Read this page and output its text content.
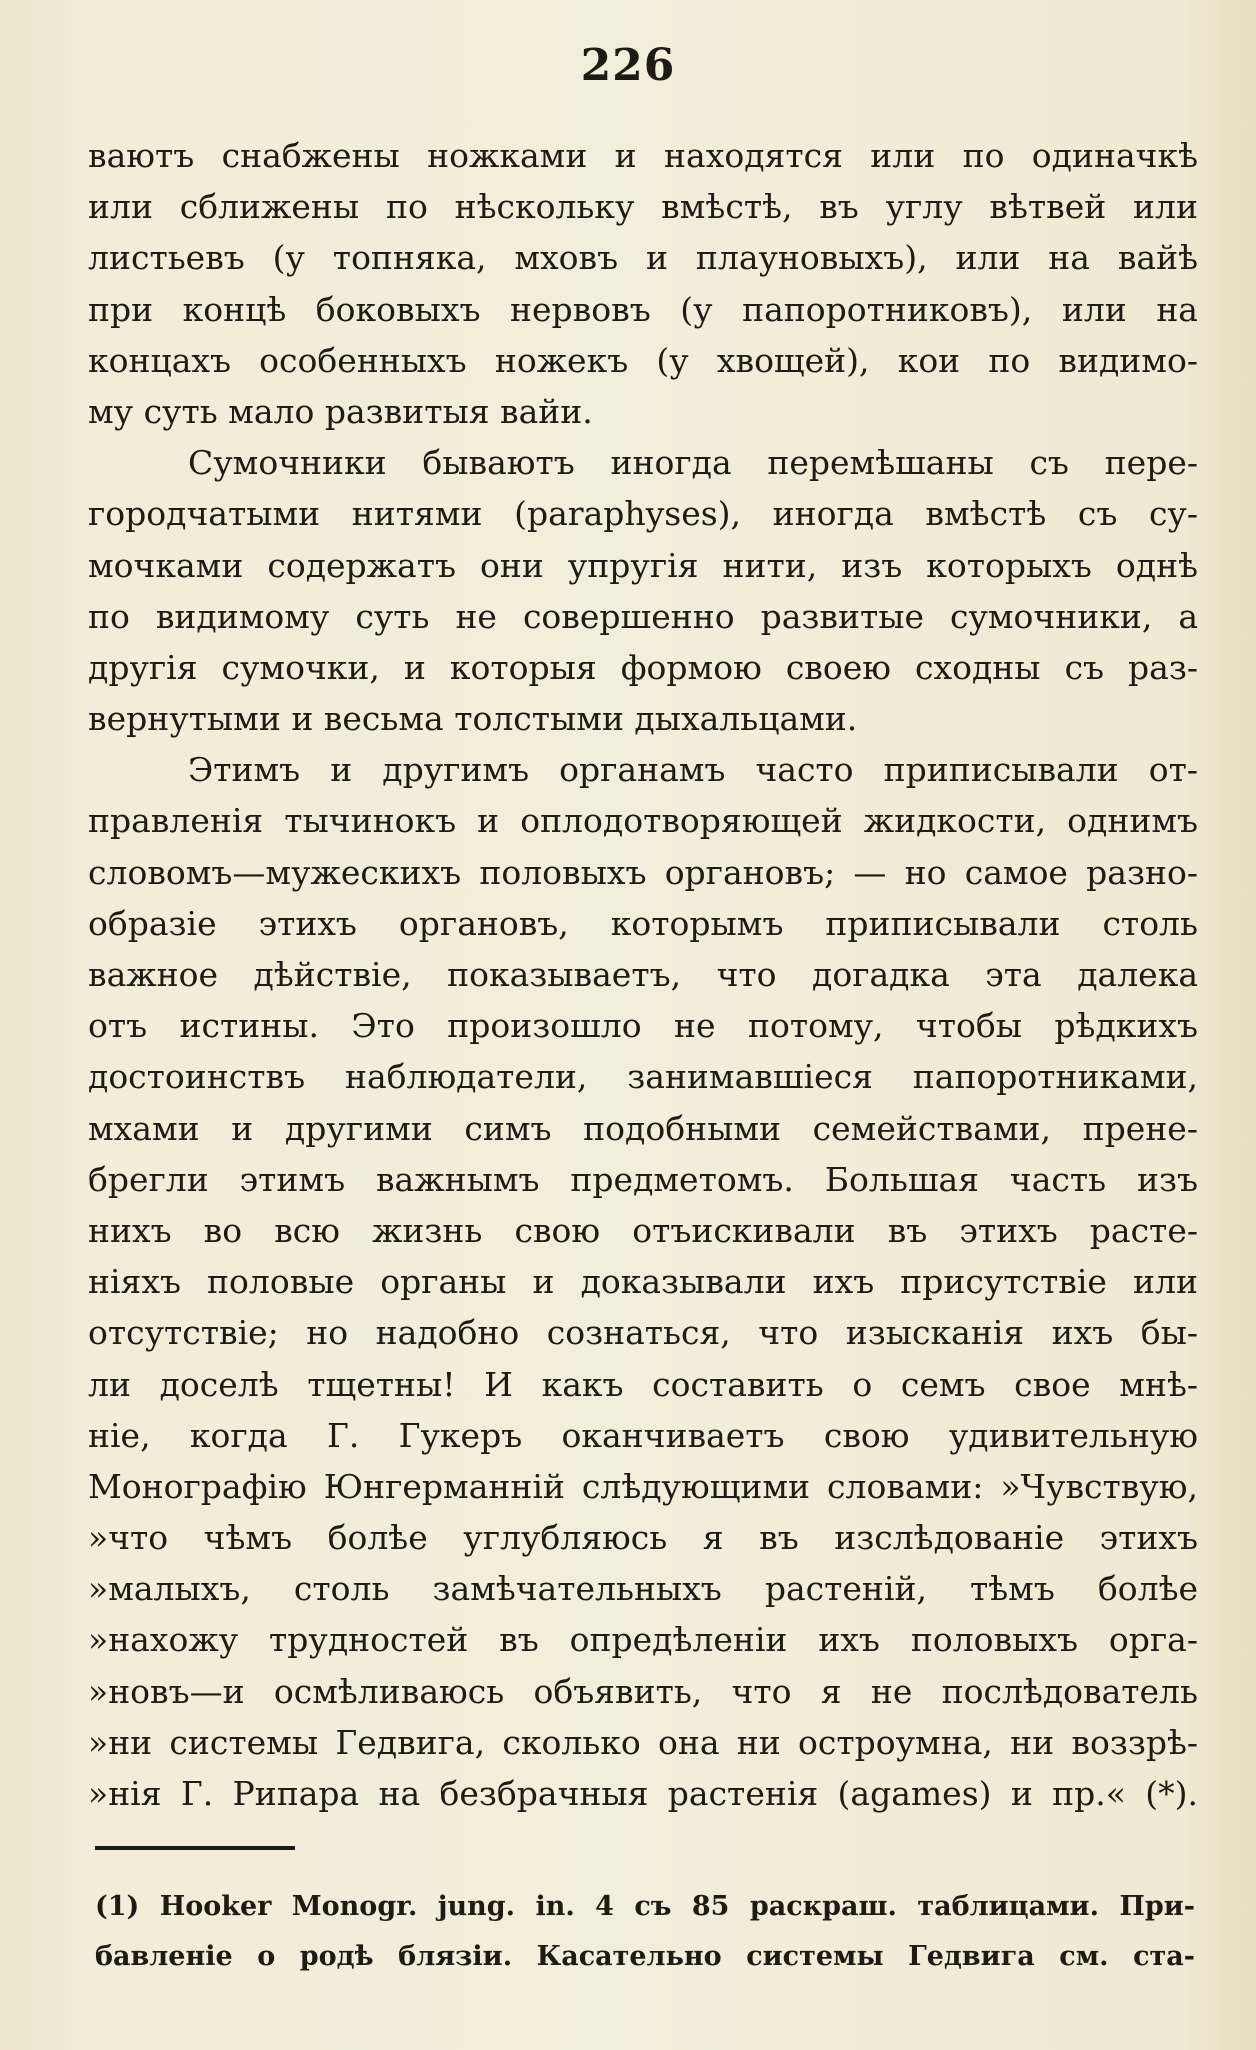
226
ваютъ снабжены ножками и находятся или по одиначкѣ
или сближены по нѣскольку вмѣстѣ, въ углу вѣтвей или
листьевъ (у топняка, мховъ и плауновыхъ), или на вайѣ
при концѣ боковыхъ нервовъ (у папоротниковъ), или на
концахъ особенныхъ ножекъ (у хвощей), кои по видимо-
му суть мало развитыя вайи.
Сумочники бываютъ иногда перемѣшаны съ пере-
городчатыми нитями (paraphyses), иногда вмѣстѣ съ су-
мочками содержатъ они упругія нити, изъ которыхъ однѣ
по видимому суть не совершенно развитые сумочники, а
другія сумочки, и которыя формою своею сходны съ раз-
вернутыми и весьма толстыми дыхальцами.
Этимъ и другимъ органамъ часто приписывали от-
правленія тычинокъ и оплодотворяющей жидкости, однимъ
словомъ—мужескихъ половыхъ органовъ; — но самое разно-
образіе этихъ органовъ, которымъ приписывали столь
важное дѣйствіе, показываетъ, что догадка эта далека
отъ истины. Это произошло не потому, чтобы рѣдкихъ
достоинствъ наблюдатели, занимавшіеся папоротниками,
мхами и другими симъ подобными семействами, прене-
брегли этимъ важнымъ предметомъ. Большая часть изъ
нихъ во всю жизнь свою отъискивали въ этихъ расте-
ніяхъ половые органы и доказывали ихъ присутствіе или
отсутствіе; но надобно сознаться, что изысканія ихъ бы-
ли доселѣ тщетны! И какъ составить о семъ свое мнѣ-
ніе, когда Г. Гукеръ оканчиваетъ свою удивительную
Монографію Юнгерманній слѣдующими словами: »Чувствую,
»что чѣмъ болѣе углубляюсь я въ изслѣдованіе этихъ
»малыхъ, столь замѣчательныхъ растеній, тѣмъ болѣе
»нахожу трудностей въ опредѣленіи ихъ половыхъ орга-
»новъ—и осмѣливаюсь объявить, что я не послѣдователь
»ни системы Гедвига, сколько она ни остроумна, ни воззрѣ-
»нія Г. Рипара на безбрачныя растенія (agames) и пр.« (*).
(1) Hooker Monogr. jung. in. 4 съ 85 раскраш. таблицами. При-
бавленіе о родѣ блязіи. Касательно системы Гедвига см. ста-
